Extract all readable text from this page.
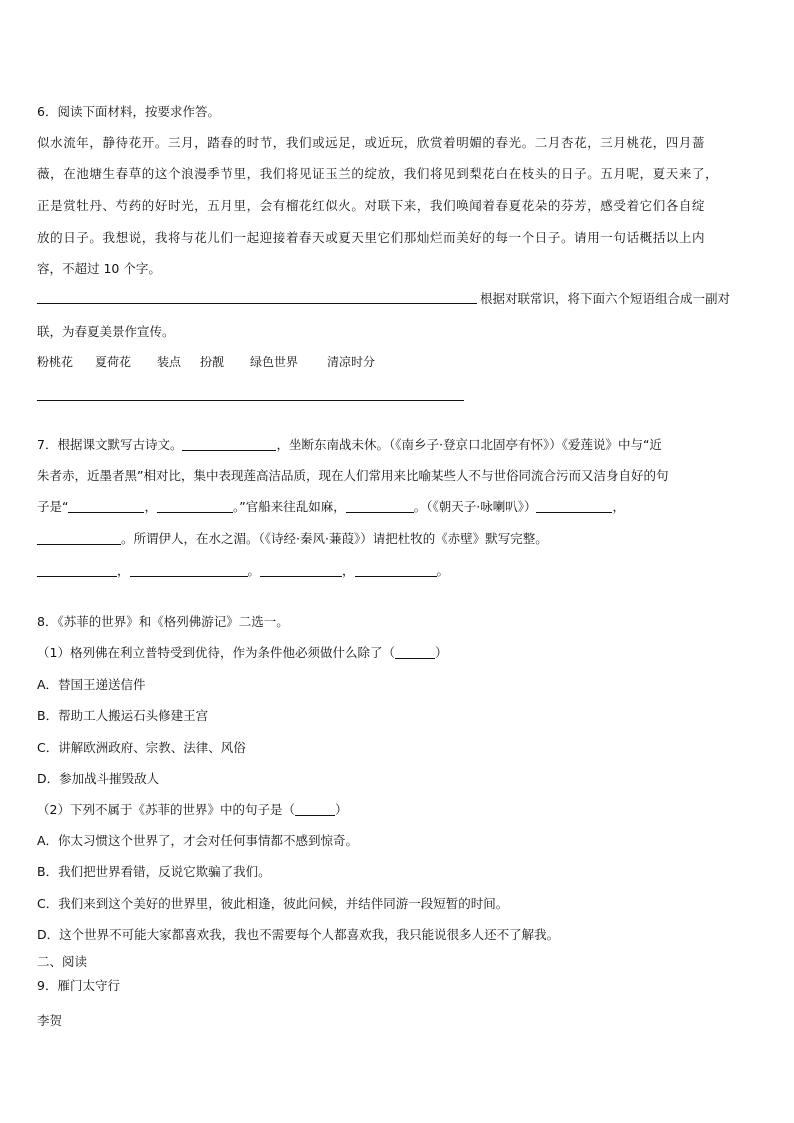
6．阅读下面材料，按要求作答。
似水流年，静待花开。三月，踏春的时节，我们或远足，或近玩，欣赏着明媚的春光。二月杏花，三月桃花，四月蔷
薇，在池塘生春草的这个浪漫季节里，我们将见证玉兰的绽放，我们将见到梨花白在枝头的日子。五月呢，夏天来了，
正是赏牡丹、芍药的好时光，五月里，会有榴花红似火。对联下来，我们唤闻着春夏花朵的芬芳，感受着它们各自绽
放的日子。我想说，我将与花儿们一起迎接着春天或夏天里它们那灿烂而美好的每一个日子。请用一句话概括以上内
容，不超过 10 个字。
根据对联常识，将下面六个短语组合成一副对
联，为春夏美景作宣传。
粉桃花 夏荷花 装点 扮靓 绿色世界 清凉时分
7．根据课文默写古诗文。	，坐断东南战未休。（《南乡子·登京口北固亭有怀》）《爱莲说》中与“近
朱者赤，近墨者黑”相对比，集中表现莲高洁品质，现在人们常用来比喻某些人不与世俗同流合污而又洁身自好的句
子是“	，	。”官船来往乱如麻，	。（《朝天子·咏喇叭》）	，
。所谓伊人，在水之湄。（《诗经·秦风·蒹葭》）请把杜牧的《赤壁》默写完整。
，	。	，	。
8．《苏菲的世界》和《格列佛游记》二选一。
（1）格列佛在利立普特受到优待，作为条件他必须做什么除了（	）
A．替国王递送信件
B．帮助工人搬运石头修建王宫
C．讲解欧洲政府、宗教、法律、风俗
D．参加战斗摧毁敌人
（2）下列不属于《苏菲的世界》中的句子是（	）
A．你太习惯这个世界了，才会对任何事情都不感到惊奇。
B．我们把世界看错，反说它欺骗了我们。
C．我们来到这个美好的世界里，彼此相逢，彼此问候，并结伴同游一段短暂的时间。
D．这个世界不可能大家都喜欢我，我也不需要每个人都喜欢我，我只能说很多人还不了解我。
二、阅读
9．雁门太守行
李贺
